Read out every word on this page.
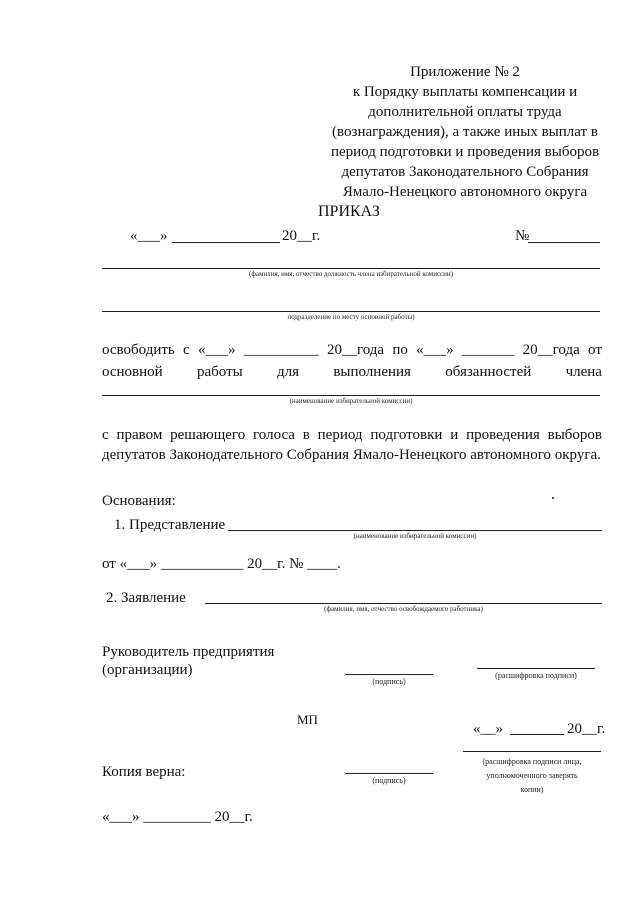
Приложение № 2
к Порядку выплаты компенсации и
дополнительной оплаты труда
(вознаграждения), а также иных выплат в
период подготовки и проведения выборов
депутатов Законодательного Собрания
Ямало-Ненецкого автономного округа
ПРИКАЗ
«___»	20__г.	№
(фамилия, имя, отчество должность члена избирательной комиссии)
подразделение по месту основной работы)
освободить с «___» __________ 20__года по «___» _______ 20__года от
основной работы для выполнения обязанностей члена
(наименование избирательной комиссии)
с правом решающего голоса в период подготовки и проведения выборов депутатов Законодательного Собрания Ямало-Ненецкого автономного округа.
Основания:
1. Представление
(наименование избирательной комиссии)
от «___» ___________ 20__г. № ____.
2. Заявление
(фамилия, имя, отчество освобождаемого работника)
Руководитель предприятия
(организации)
(подпись)
(расшифровка подписи)
МП
«__»	20__г.
(расшифровка подписи лица,
уполномоченного заверять
копии)
Копия верна:
(подпись)
«___» _________ 20__г.
